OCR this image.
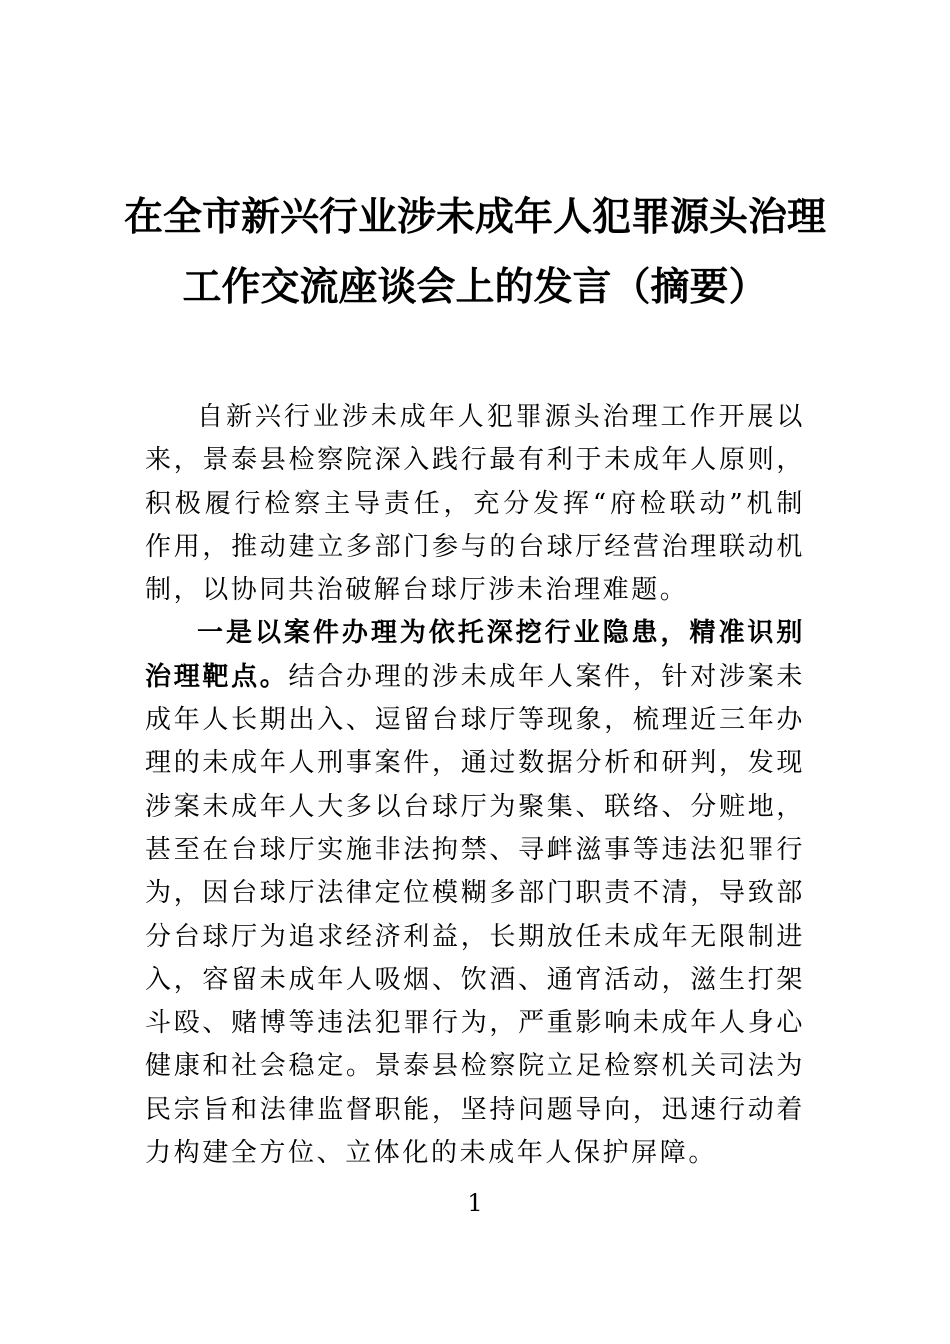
在全市新兴行业涉未成年人犯罪源头治理
工作交流座谈会上的发言（摘要）

自新兴行业涉未成年人犯罪源头治理工作开展以来，景泰县检察院深入践行最有利于未成年人原则，积极履行检察主导责任，充分发挥“府检联动”机制作用，推动建立多部门参与的台球厅经营治理联动机制，以协同共治破解台球厅涉未治理难题。

一是以案件办理为依托深挖行业隐患，精准识别治理靶点。结合办理的涉未成年人案件，针对涉案未成年人长期出入、逗留台球厅等现象，梳理近三年办理的未成年人刑事案件，通过数据分析和研判，发现涉案未成年人大多以台球厅为聚集、联络、分赃地，甚至在台球厅实施非法拘禁、寻衅滋事等违法犯罪行为，因台球厅法律定位模糊多部门职责不清，导致部分台球厅为追求经济利益，长期放任未成年无限制进入，容留未成年人吸烟、饮酒、通宵活动，滋生打架斗殴、赌博等违法犯罪行为，严重影响未成年人身心健康和社会稳定。景泰县检察院立足检察机关司法为民宗旨和法律监督职能，坚持问题导向，迅速行动着力构建全方位、立体化的未成年人保护屏障。

1
